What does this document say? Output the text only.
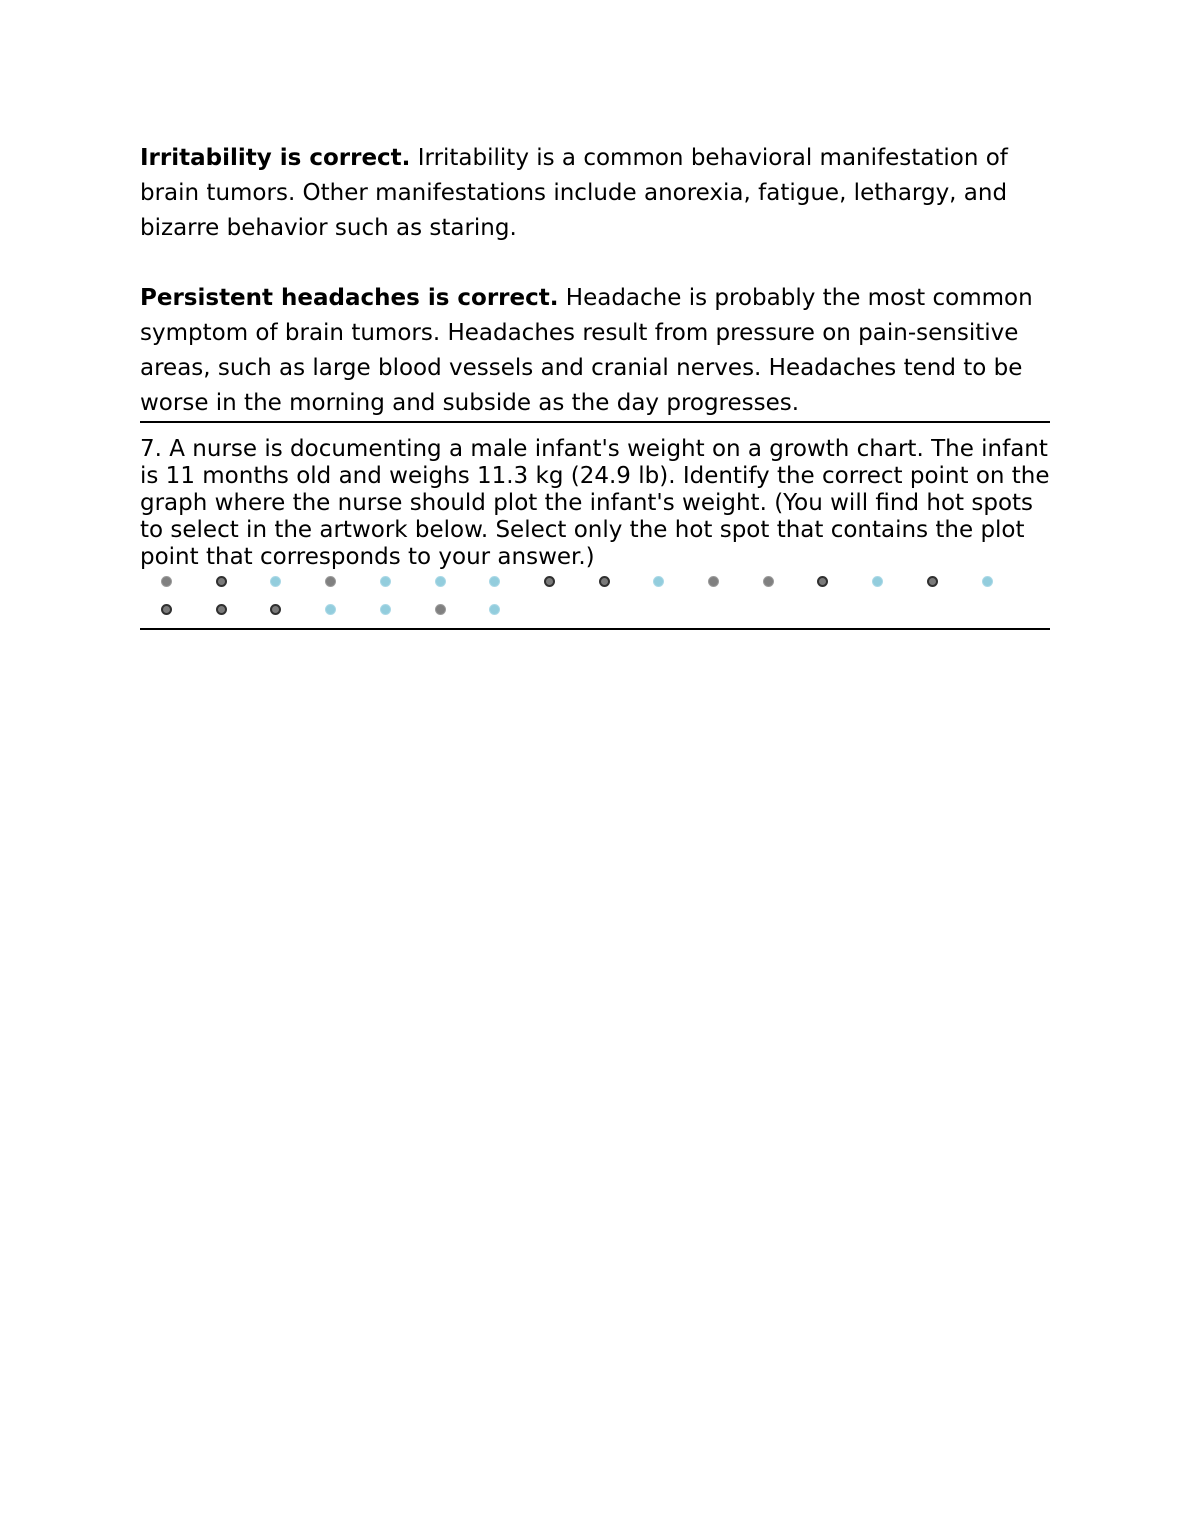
Irritability is correct. Irritability is a common behavioral manifestation of brain tumors. Other manifestations include anorexia, fatigue, lethargy, and bizarre behavior such as staring.

Persistent headaches is correct. Headache is probably the most common symptom of brain tumors. Headaches result from pressure on pain-sensitive areas, such as large blood vessels and cranial nerves. Headaches tend to be worse in the morning and subside as the day progresses.

7. A nurse is documenting a male infant's weight on a growth chart. The infant is 11 months old and weighs 11.3 kg (24.9 lb). Identify the correct point on the graph where the nurse should plot the infant's weight. (You will find hot spots to select in the artwork below. Select only the hot spot that contains the plot point that corresponds to your answer.)
